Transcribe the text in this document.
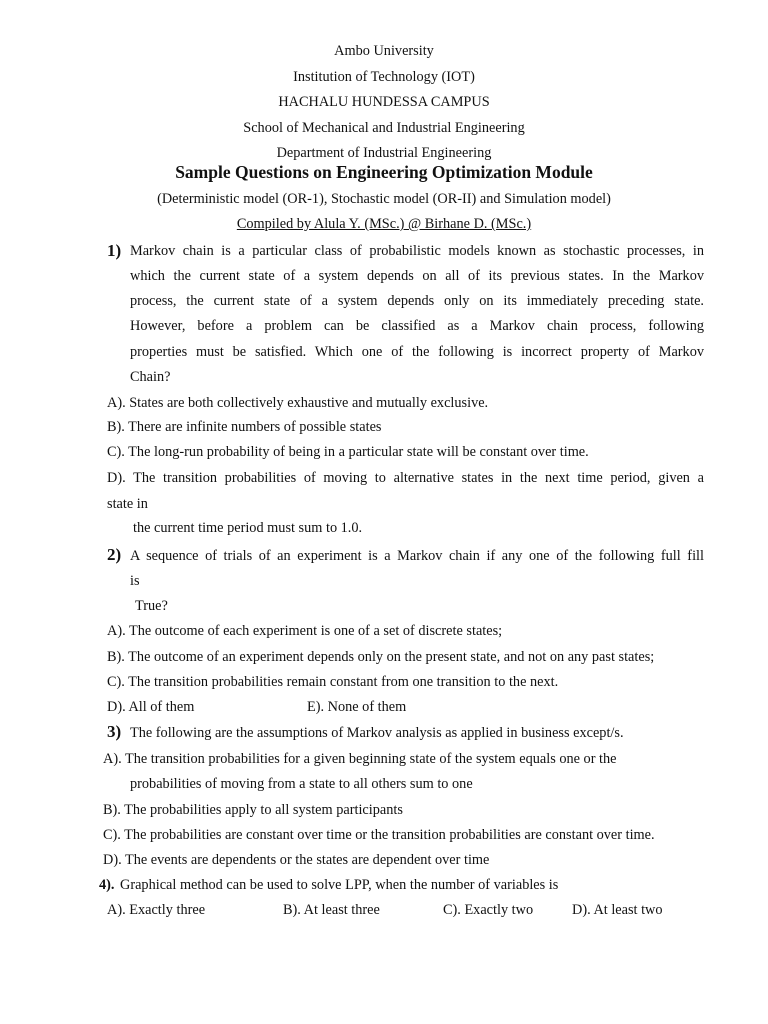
Ambo University
Institution of Technology (IOT)
HACHALU HUNDESSA CAMPUS
School of Mechanical and Industrial Engineering
Department of Industrial Engineering
Sample Questions on Engineering Optimization Module
(Deterministic model (OR-1), Stochastic model (OR-II) and Simulation model)
Compiled by Alula Y. (MSc.) @ Birhane D. (MSc.)
1) Markov chain is a particular class of probabilistic models known as stochastic processes, in
which the current state of a system depends on all of its previous states. In the Markov
process, the current state of a system depends only on its immediately preceding state.
However, before a problem can be classified as a Markov chain process, following
properties must be satisfied. Which one of the following is incorrect property of Markov
Chain?
A). States are both collectively exhaustive and mutually exclusive.
B). There are infinite numbers of possible states
C). The long-run probability of being in a particular state will be constant over time.
D). The transition probabilities of moving to alternative states in the next time period, given a
state in
the current time period must sum to 1.0.
2) A sequence of trials of an experiment is a Markov chain if any one of the following full fill
is
True?
A). The outcome of each experiment is one of a set of discrete states;
B). The outcome of an experiment depends only on the present state, and not on any past states;
C). The transition probabilities remain constant from one transition to the next.
D). All of them	E). None of them
3) The following are the assumptions of Markov analysis as applied in business except/s.
A). The transition probabilities for a given beginning state of the system equals one or the
probabilities of moving from a state to all others sum to one
B). The probabilities apply to all system participants
C). The probabilities are constant over time or the transition probabilities are constant over time.
D). The events are dependents or the states are dependent over time
4). Graphical method can be used to solve LPP, when the number of variables is
A). Exactly three	B). At least three	C). Exactly two	D). At least two
